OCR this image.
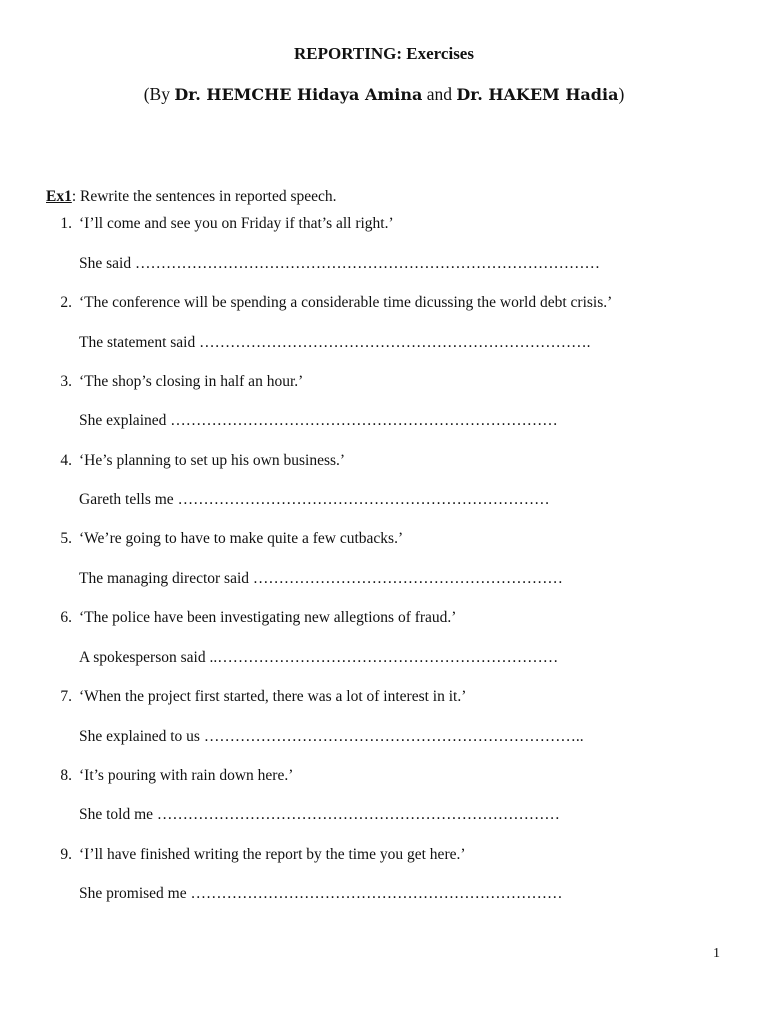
REPORTING: Exercises
(By Dr. HEMCHE Hidaya Amina and Dr. HAKEM Hadia)
Ex1: Rewrite the sentences in reported speech.
1. ‘I’ll come and see you on Friday if that’s all right.’
She said ………………………………………………………………………………
2. ‘The conference will be spending a considerable time dicussing the world debt crisis.’
The statement said ………………………………………………………………….
3. ‘The shop’s closing in half an hour.’
She explained …………………………………………………………………
4. ‘He’s planning to set up his own business.’
Gareth tells me ………………………………………………………………
5. ‘We’re going to have to make quite a few cutbacks.’
The managing director said ……………………………………………………
6. ‘The police have been investigating new allegtions of fraud.’
A spokesperson said ..…………………………………………………………
7. ‘When the project first started, there was a lot of interest in it.’
She explained to us ………………………………………………………………..
8. ‘It’s pouring with rain down here.’
She told me ……………………………………………………………………
9. ‘I’ll have finished writing the report by the time you get here.’
She promised me ………………………………………………………………
1
